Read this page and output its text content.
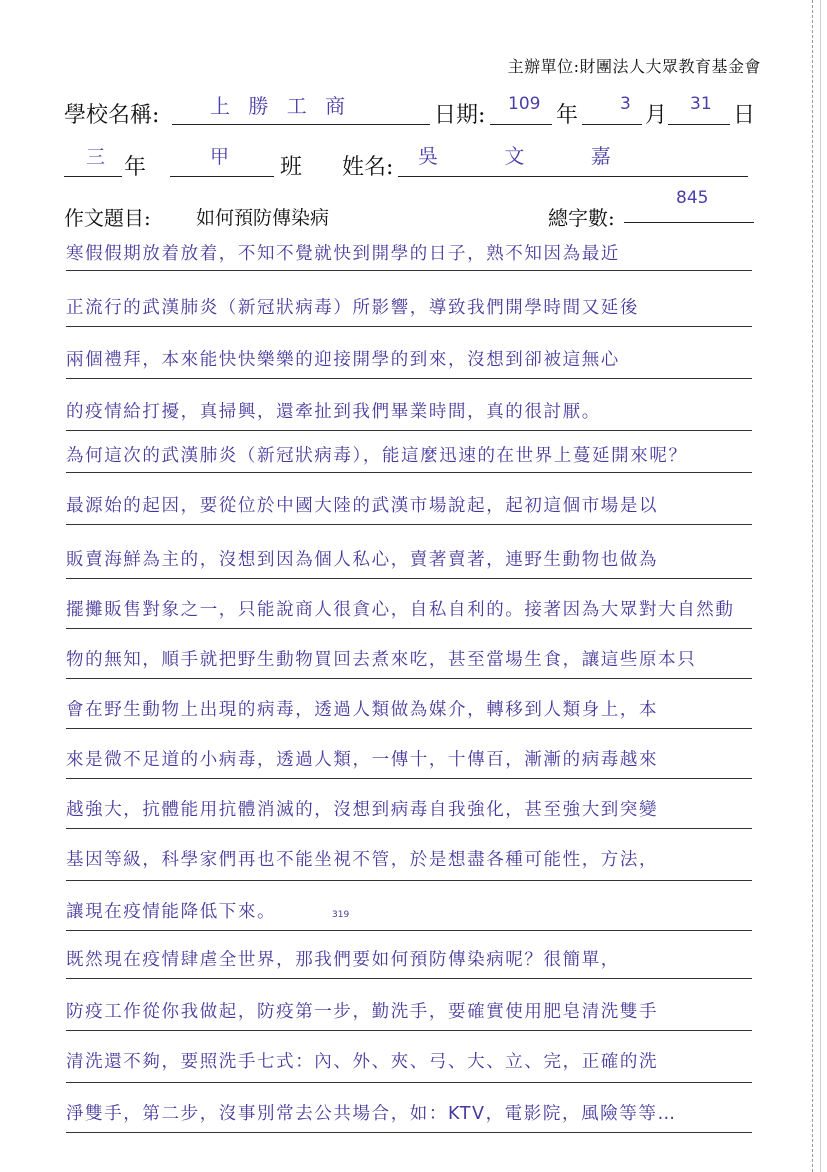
主辦單位:財團法人大眾教育基金會
學校名稱:	上 勝 工 商	日期: 109 年 3 月 31 日
三 年	甲 班 姓名: 吳 文 嘉
作文題目: 如何預防傳染病	總字數:
845
寒假假期放着放着，不知不覺就快到開學的日子，熟不知因為最近
正流行的武漢肺炎（新冠狀病毒）所影響，導致我們開學時間又延後
兩個禮拜，本來能快快樂樂的迎接開學的到來，沒想到卻被這無心
的疫情給打擾，真掃興，還牽扯到我們畢業時間，真的很討厭。
為何這次的武漢肺炎（新冠狀病毒），能這麼迅速的在世界上蔓延開來呢？
最源始的起因，要從位於中國大陸的武漢市場說起，起初這個市場是以
販賣海鮮為主的，沒想到因為個人私心，賣著賣著，連野生動物也做為
擺攤販售對象之一，只能說商人很貪心，自私自利的。接著因為大眾對大自然動
物的無知，順手就把野生動物買回去煮來吃，甚至當場生食，讓這些原本只
會在野生動物上出現的病毒，透過人類做為媒介，轉移到人類身上，本
來是微不足道的小病毒，透過人類，一傳十，十傳百，漸漸的病毒越來
越強大，抗體能用抗體消滅的，沒想到病毒自我強化，甚至強大到突變
基因等級，科學家們再也不能坐視不管，於是想盡各種可能性，方法，
讓現在疫情能降低下來。	319
既然現在疫情肆虐全世界，那我們要如何預防傳染病呢？很簡單，
防疫工作從你我做起，防疫第一步，勤洗手，要確實使用肥皂清洗雙手
清洗還不夠，要照洗手七式：內、外、夾、弓、大、立、完，正確的洗
淨雙手，第二步，沒事別常去公共場合，如：KTV，電影院，風險等等…
